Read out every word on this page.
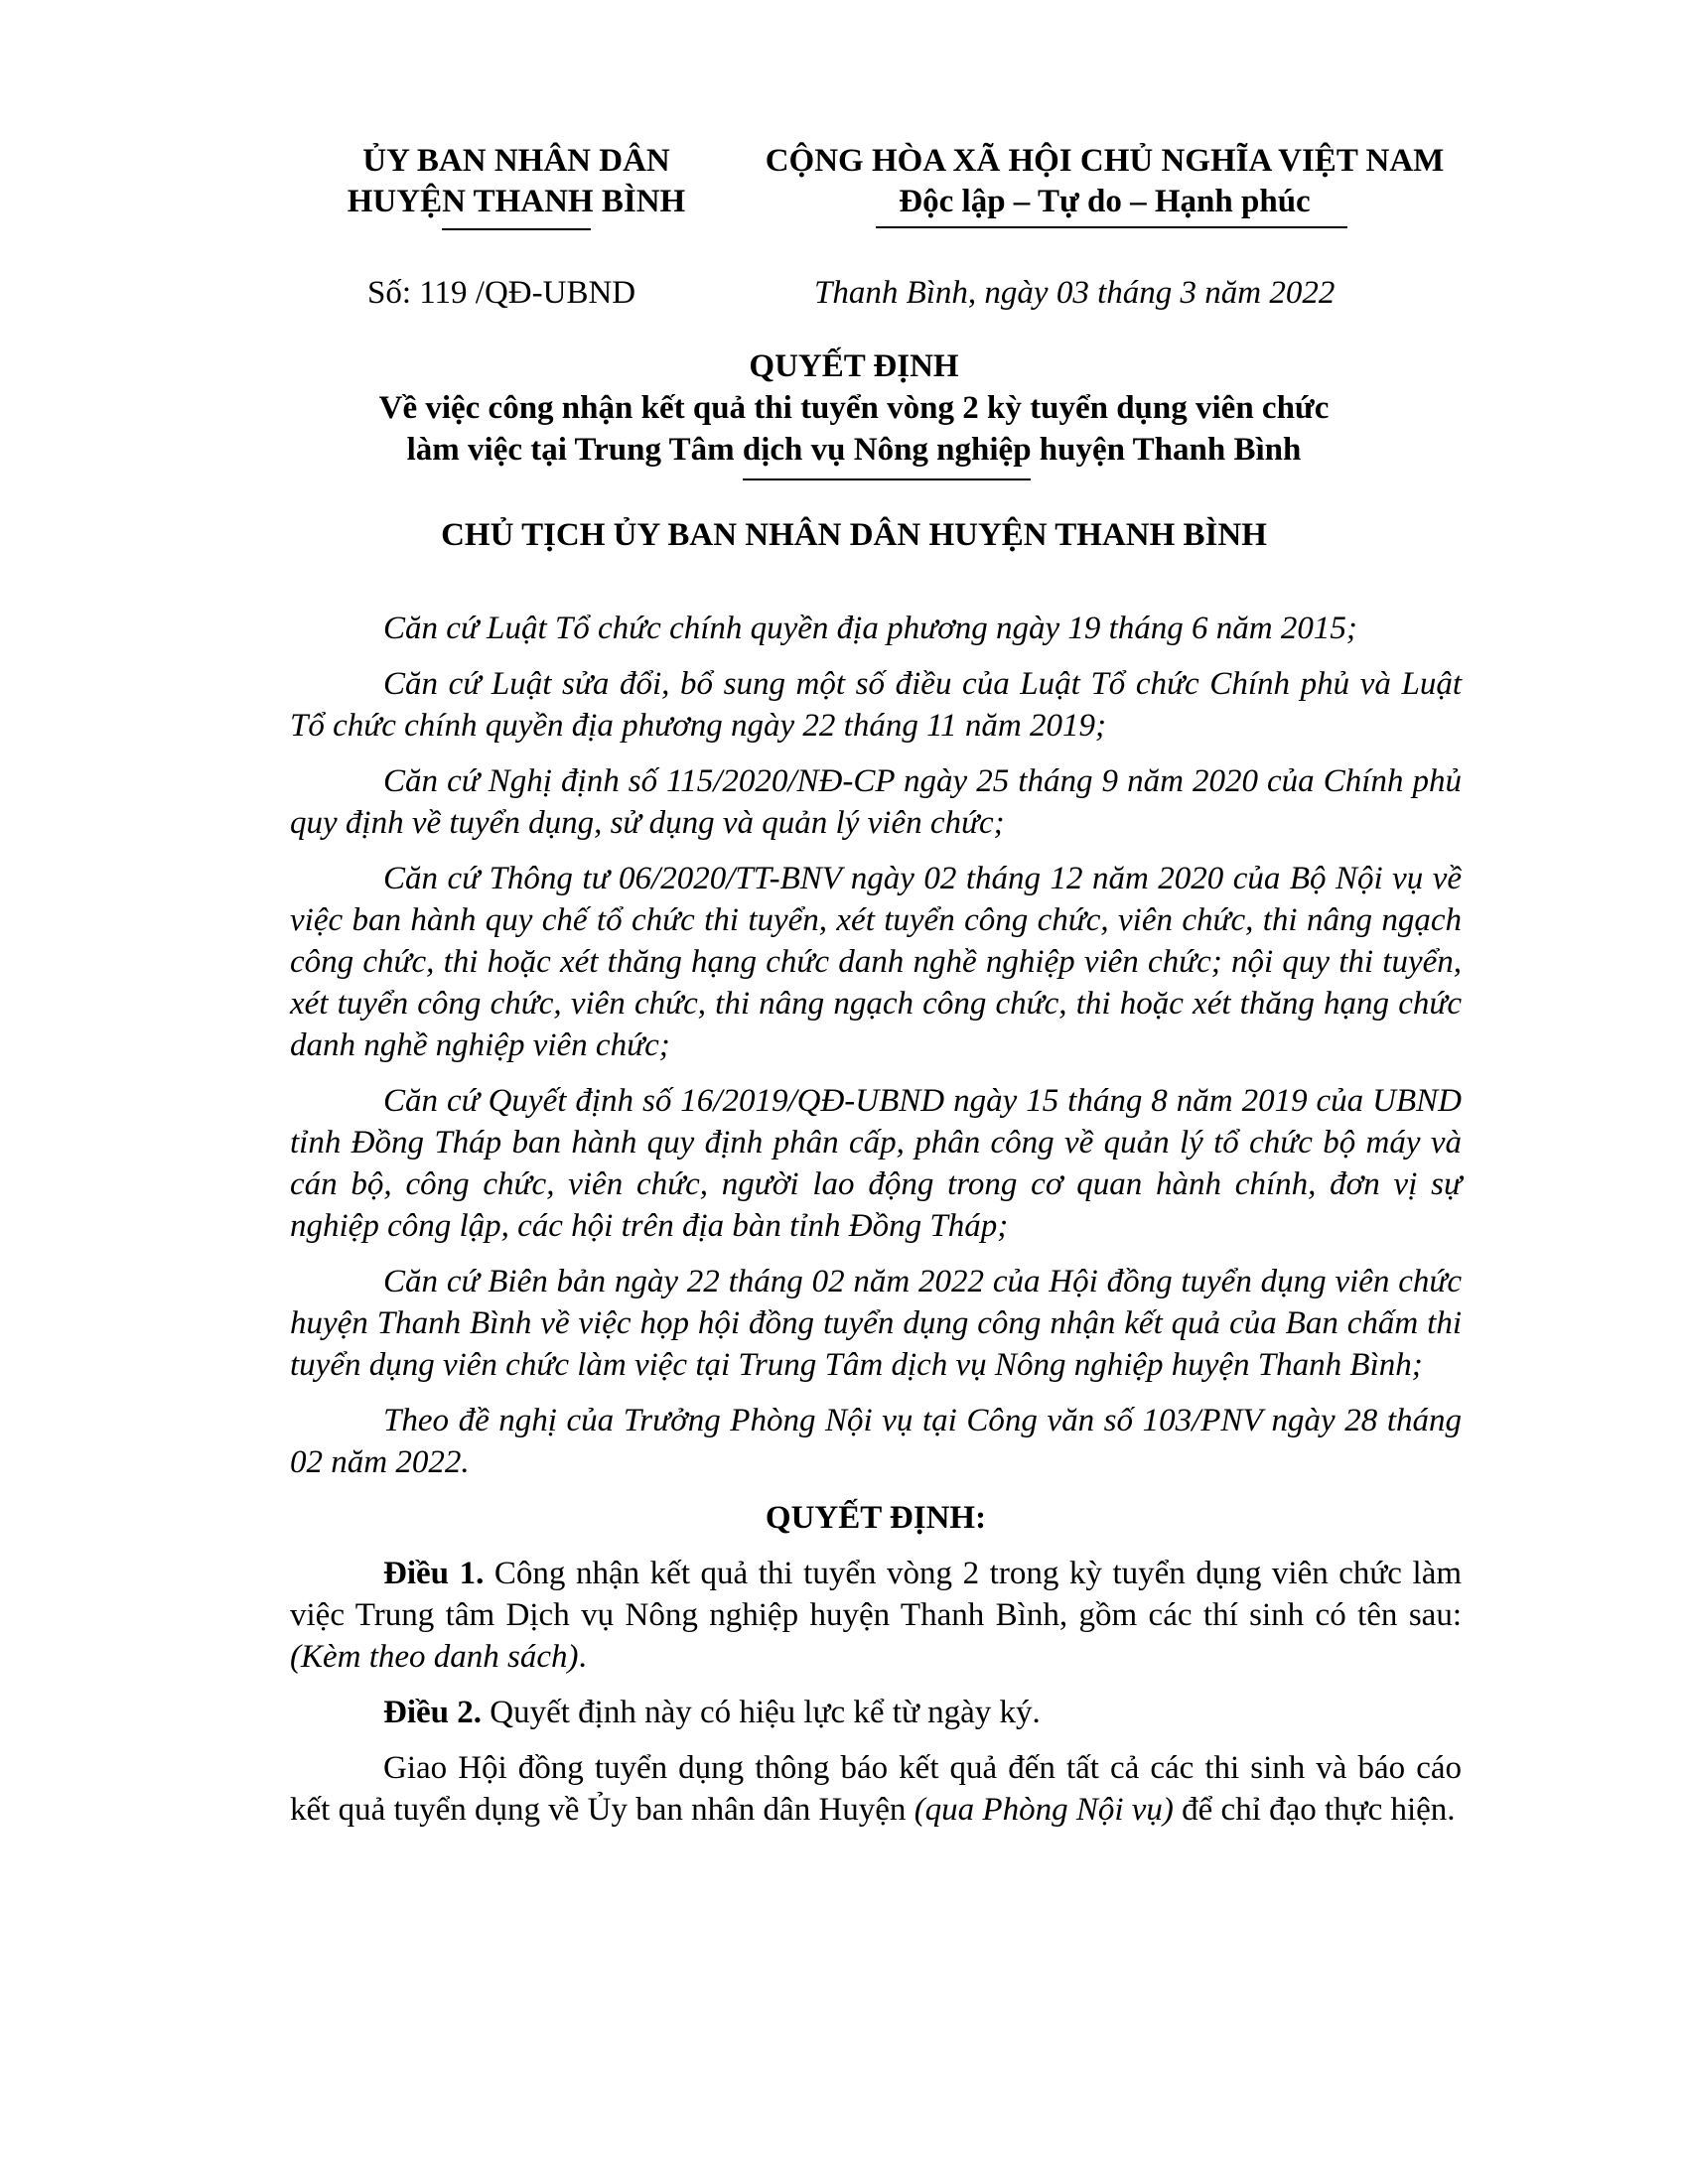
ỦY BAN NHÂN DÂN
HUYỆN THANH BÌNH
CỘNG HÒA XÃ HỘI CHỦ NGHĨA VIỆT NAM
Độc lập – Tự do – Hạnh phúc
Số: 119 /QĐ-UBND	Thanh Bình, ngày 03 tháng 3 năm 2022
QUYẾT ĐỊNH
Về việc công nhận kết quả thi tuyển vòng 2 kỳ tuyển dụng viên chức
làm việc tại Trung Tâm dịch vụ Nông nghiệp huyện Thanh Bình
CHỦ TỊCH ỦY BAN NHÂN DÂN HUYỆN THANH BÌNH

Căn cứ Luật Tổ chức chính quyền địa phương ngày 19 tháng 6 năm 2015;

Căn cứ Luật sửa đổi, bổ sung một số điều của Luật Tổ chức Chính phủ và Luật Tổ chức chính quyền địa phương ngày 22 tháng 11 năm 2019;

Căn cứ Nghị định số 115/2020/NĐ-CP ngày 25 tháng 9 năm 2020 của Chính phủ quy định về tuyển dụng, sử dụng và quản lý viên chức;

Căn cứ Thông tư 06/2020/TT-BNV ngày 02 tháng 12 năm 2020 của Bộ Nội vụ về việc ban hành quy chế tổ chức thi tuyển, xét tuyển công chức, viên chức, thi nâng ngạch công chức, thi hoặc xét thăng hạng chức danh nghề nghiệp viên chức; nội quy thi tuyển, xét tuyển công chức, viên chức, thi nâng ngạch công chức, thi hoặc xét thăng hạng chức danh nghề nghiệp viên chức;

Căn cứ Quyết định số 16/2019/QĐ-UBND ngày 15 tháng 8 năm 2019 của UBND tỉnh Đồng Tháp ban hành quy định phân cấp, phân công về quản lý tổ chức bộ máy và cán bộ, công chức, viên chức, người lao động trong cơ quan hành chính, đơn vị sự nghiệp công lập, các hội trên địa bàn tỉnh Đồng Tháp;

Căn cứ Biên bản ngày 22 tháng 02 năm 2022 của Hội đồng tuyển dụng viên chức huyện Thanh Bình về việc họp hội đồng tuyển dụng công nhận kết quả của Ban chấm thi tuyển dụng viên chức làm việc tại Trung Tâm dịch vụ Nông nghiệp huyện Thanh Bình;

Theo đề nghị của Trưởng Phòng Nội vụ tại Công văn số 103/PNV ngày 28 tháng 02 năm 2022.

QUYẾT ĐỊNH:

Điều 1. Công nhận kết quả thi tuyển vòng 2 trong kỳ tuyển dụng viên chức làm việc Trung tâm Dịch vụ Nông nghiệp huyện Thanh Bình, gồm các thí sinh có tên sau: (Kèm theo danh sách).

Điều 2. Quyết định này có hiệu lực kể từ ngày ký.

Giao Hội đồng tuyển dụng thông báo kết quả đến tất cả các thi sinh và báo cáo kết quả tuyển dụng về Ủy ban nhân dân Huyện (qua Phòng Nội vụ) để chỉ đạo thực hiện.
